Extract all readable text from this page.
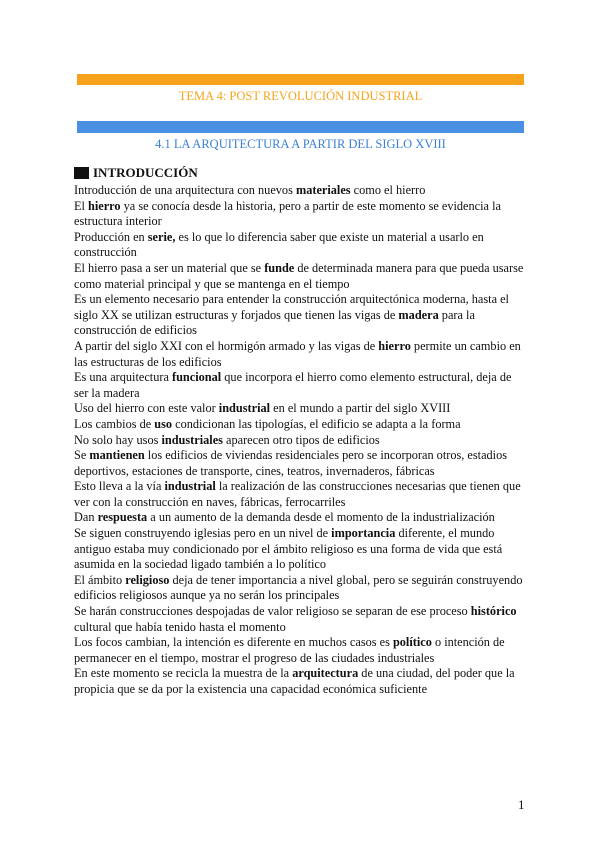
TEMA 4: POST REVOLUCIÓN INDUSTRIAL
4.1 LA ARQUITECTURA A PARTIR DEL SIGLO XVIII
INTRODUCCIÓN

Introducción de una arquitectura con nuevos materiales como el hierro

El hierro ya se conocía desde la historia, pero a partir de este momento se evidencia la estructura interior

Producción en serie, es lo que lo diferencia saber que existe un material a usarlo en construcción

El hierro pasa a ser un material que se funde de determinada manera para que pueda usarse como material principal y que se mantenga en el tiempo

Es un elemento necesario para entender la construcción arquitectónica moderna, hasta el siglo XX se utilizan estructuras y forjados que tienen las vigas de madera para la construcción de edificios

A partir del siglo XXI con el hormigón armado y las vigas de hierro permite un cambio en las estructuras de los edificios

Es una arquitectura funcional que incorpora el hierro como elemento estructural, deja de ser la madera

Uso del hierro con este valor industrial en el mundo a partir del siglo XVIII

Los cambios de uso condicionan las tipologías, el edificio se adapta a la forma

No solo hay usos industriales aparecen otro tipos de edificios

Se mantienen los edificios de viviendas residenciales pero se incorporan otros, estadios deportivos, estaciones de transporte, cines, teatros, invernaderos, fábricas

Esto lleva a la vía industrial la realización de las construcciones necesarias que tienen que ver con la construcción en naves, fábricas, ferrocarriles

Dan respuesta a un aumento de la demanda desde el momento de la industrialización

Se siguen construyendo iglesias pero en un nivel de importancia diferente, el mundo antiguo estaba muy condicionado por el ámbito religioso es una forma de vida que está asumida en la sociedad ligado también a lo político

El ámbito religioso deja de tener importancia a nivel global, pero se seguirán construyendo edificios religiosos aunque ya no serán los principales

Se harán construcciones despojadas de valor religioso se separan de ese proceso histórico cultural que había tenido hasta el momento

Los focos cambian, la intención es diferente en muchos casos es político o intención de permanecer en el tiempo, mostrar el progreso de las ciudades industriales

En este momento se recicla la muestra de la arquitectura de una ciudad, del poder que la propicia que se da por la existencia una capacidad económica suficiente

1
